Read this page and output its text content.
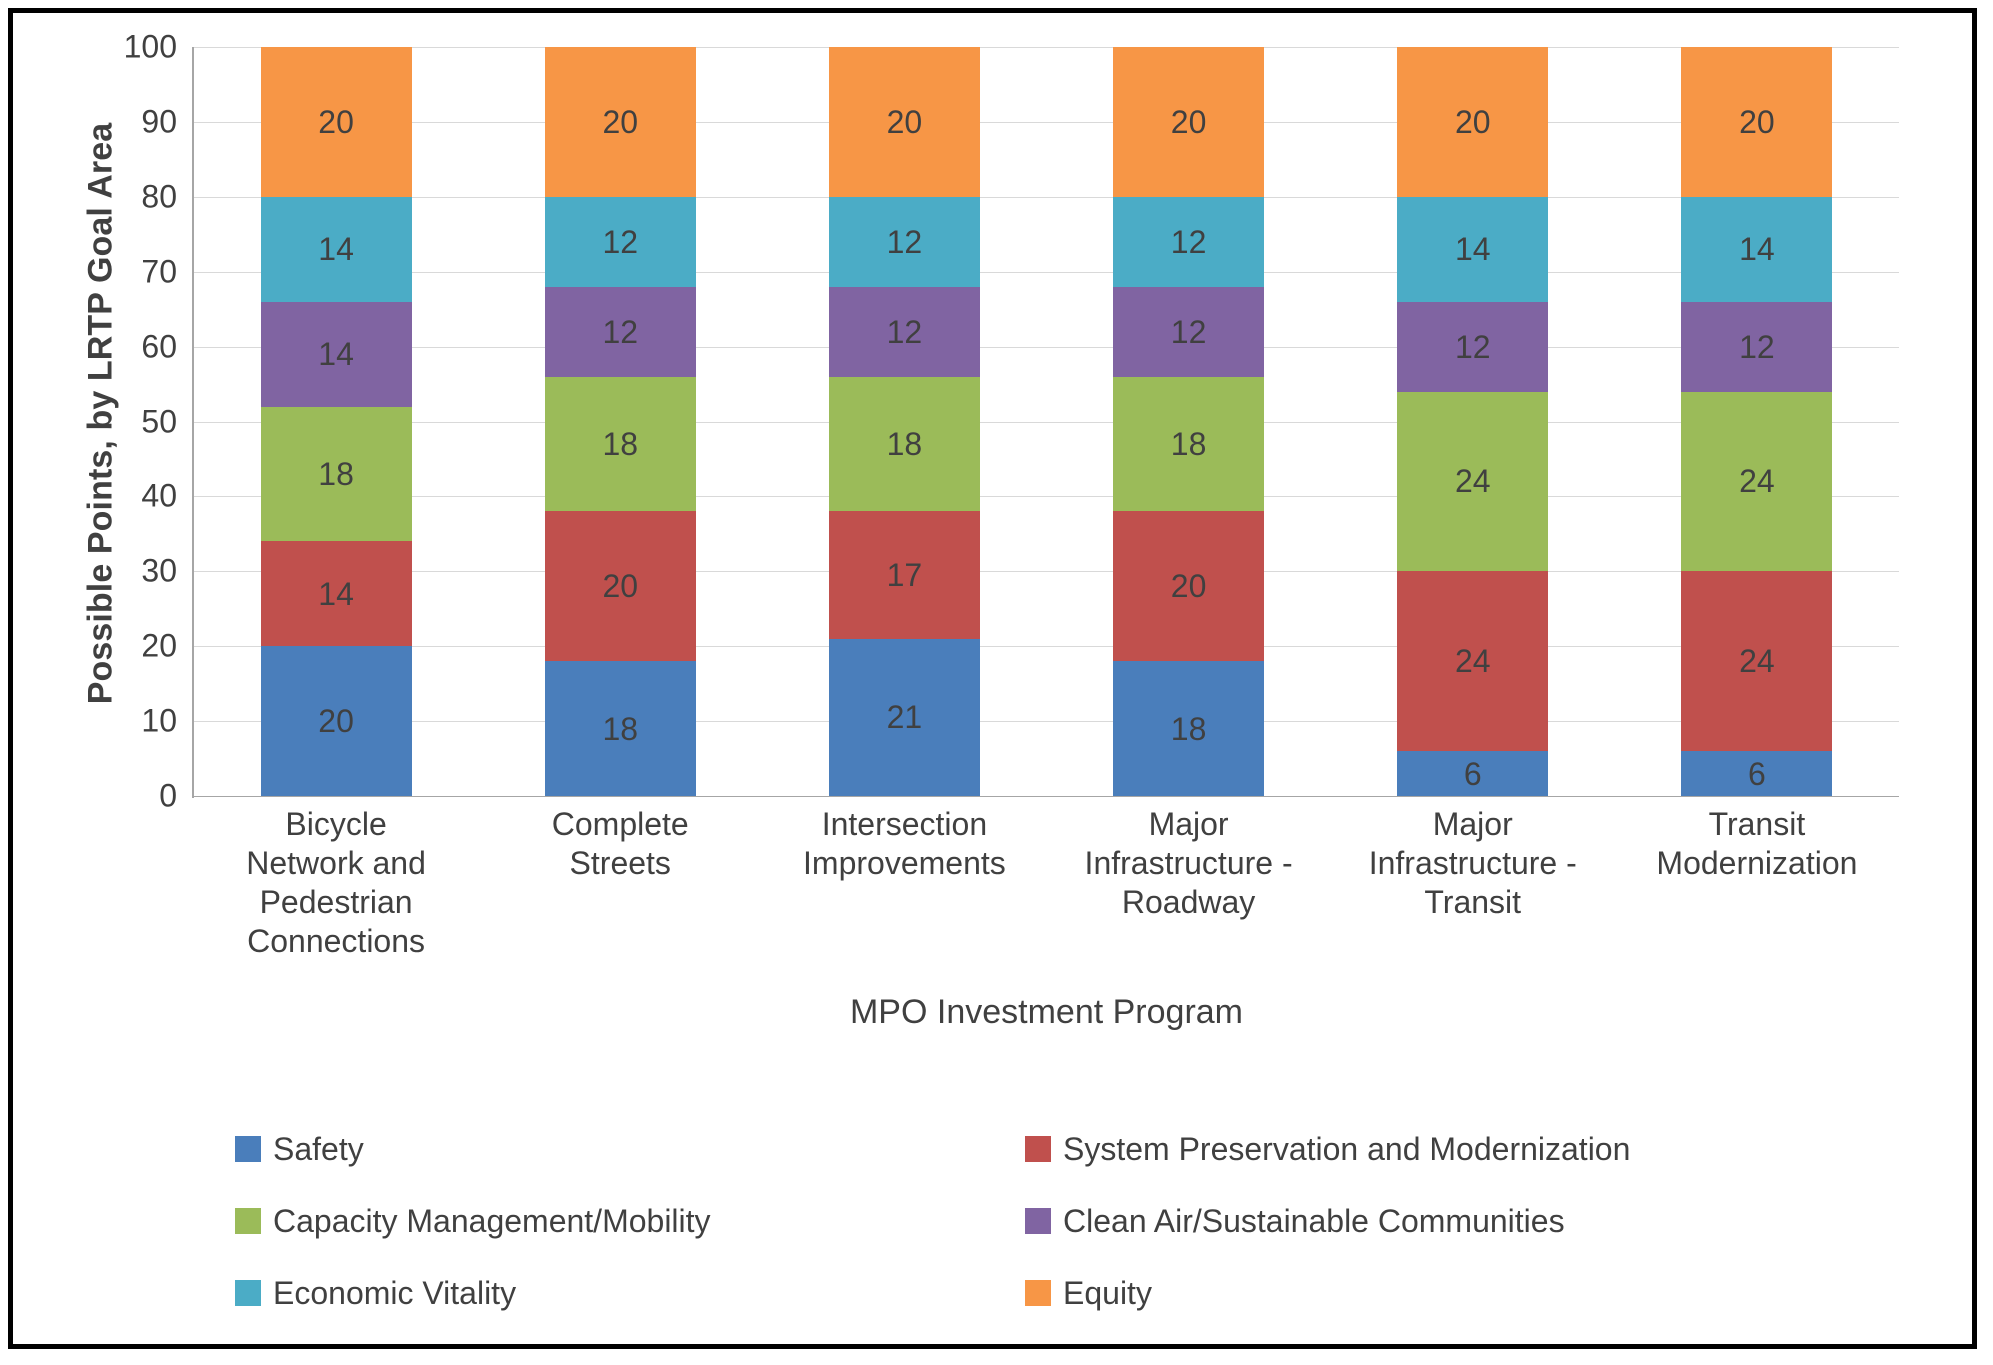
Possible Points, by LRTP Goal Area
0
10
20
30
40
50
60
70
80
90
100
20
14
18
14
14
20
18
20
18
12
12
20
21
17
18
12
12
20
18
20
18
12
12
20
6
24
24
12
14
20
6
24
24
12
14
20
Bicycle
Network and
Pedestrian
Connections
Complete
Streets
Intersection
Improvements
Major
Infrastructure -
Roadway
Major
Infrastructure -
Transit
Transit
Modernization
MPO Investment Program
Safety	System Preservation and Modernization
Capacity Management/Mobility	Clean Air/Sustainable Communities
Economic Vitality	Equity
